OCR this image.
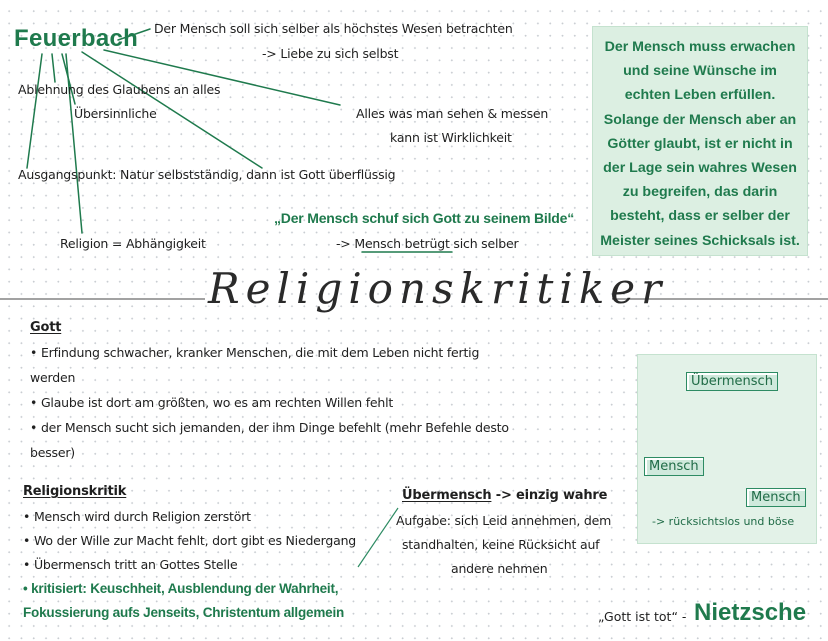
Feuerbach Der Mensch soll sich selber als höchstes Wesen betrachten
-> Liebe zu sich selbst
Ablehnung des Glaubens an alles
Übersinnliche	Alles was man sehen & messen
kann ist Wirklichkeit
Ausgangspunkt: Natur selbstständig, dann ist Gott überflüssig
„Der Mensch schuf sich Gott zu seinem Bilde“
-> Mensch betrügt sich selber
Religion = Abhängigkeit
Der Mensch muss erwachen und seine Wünsche im echten Leben erfüllen. Solange der Mensch aber an Götter glaubt, ist er nicht in der Lage sein wahres Wesen zu begreifen, das darin besteht, dass er selber der Meister seines Schicksals ist.
Religionskritiker
Gott
• Erfindung schwacher, kranker Menschen, die mit dem Leben nicht fertig
werden
• Glaube ist dort am größten, wo es am rechten Willen fehlt
• der Mensch sucht sich jemanden, der ihm Dinge befehlt (mehr Befehle desto
besser)
Religionskritik
• Mensch wird durch Religion zerstört
• Wo der Wille zur Macht fehlt, dort gibt es Niedergang
• Übermensch tritt an Gottes Stelle
• kritisiert: Keuschheit, Ausblendung der Wahrheit,
Fokussierung aufs Jenseits, Christentum allgemein
Übermensch -> einzig wahre
Aufgabe: sich Leid annehmen, dem
standhalten, keine Rücksicht auf
andere nehmen
Übermensch
Mensch
Mensch
-> rücksichtslos und böse
„Gott ist tot“ - Nietzsche
